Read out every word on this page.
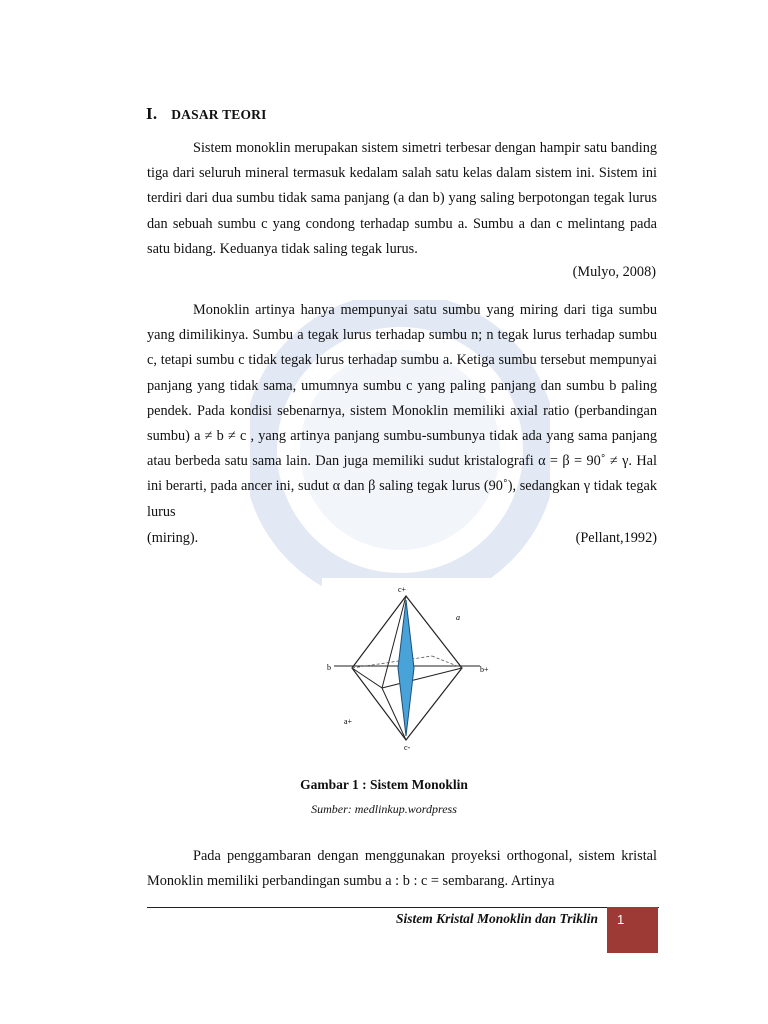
I. DASAR TEORI

Sistem monoklin merupakan sistem simetri terbesar dengan hampir satu banding tiga dari seluruh mineral termasuk kedalam salah satu kelas dalam sistem ini. Sistem ini terdiri dari dua sumbu tidak sama panjang (a dan b) yang saling berpotongan tegak lurus dan sebuah sumbu c yang condong terhadap sumbu a. Sumbu a dan c melintang pada satu bidang. Keduanya tidak saling tegak lurus.

(Mulyo, 2008)

Monoklin artinya hanya mempunyai satu sumbu yang miring dari tiga sumbu yang dimilikinya. Sumbu a tegak lurus terhadap sumbu n; n tegak lurus terhadap sumbu c, tetapi sumbu c tidak tegak lurus terhadap sumbu a. Ketiga sumbu tersebut mempunyai panjang yang tidak sama, umumnya sumbu c yang paling panjang dan sumbu b paling pendek. Pada kondisi sebenarnya, sistem Monoklin memiliki axial ratio (perbandingan sumbu) a ≠ b ≠ c , yang artinya panjang sumbu-sumbunya tidak ada yang sama panjang atau berbeda satu sama lain. Dan juga memiliki sudut kristalografi α = β = 90˚ ≠ γ. Hal ini berarti, pada ancer ini, sudut α dan β saling tegak lurus (90˚), sedangkan γ tidak tegak lurus

(miring).	(Pellant,1992)
c+
c-
b+
b
a+
a
Gambar 1 : Sistem Monoklin
Sumber: medlinkup.wordpress

Pada penggambaran dengan menggunakan proyeksi orthogonal, sistem kristal Monoklin memiliki perbandingan sumbu a : b : c = sembarang. Artinya

Sistem Kristal Monoklin dan Triklin 1
